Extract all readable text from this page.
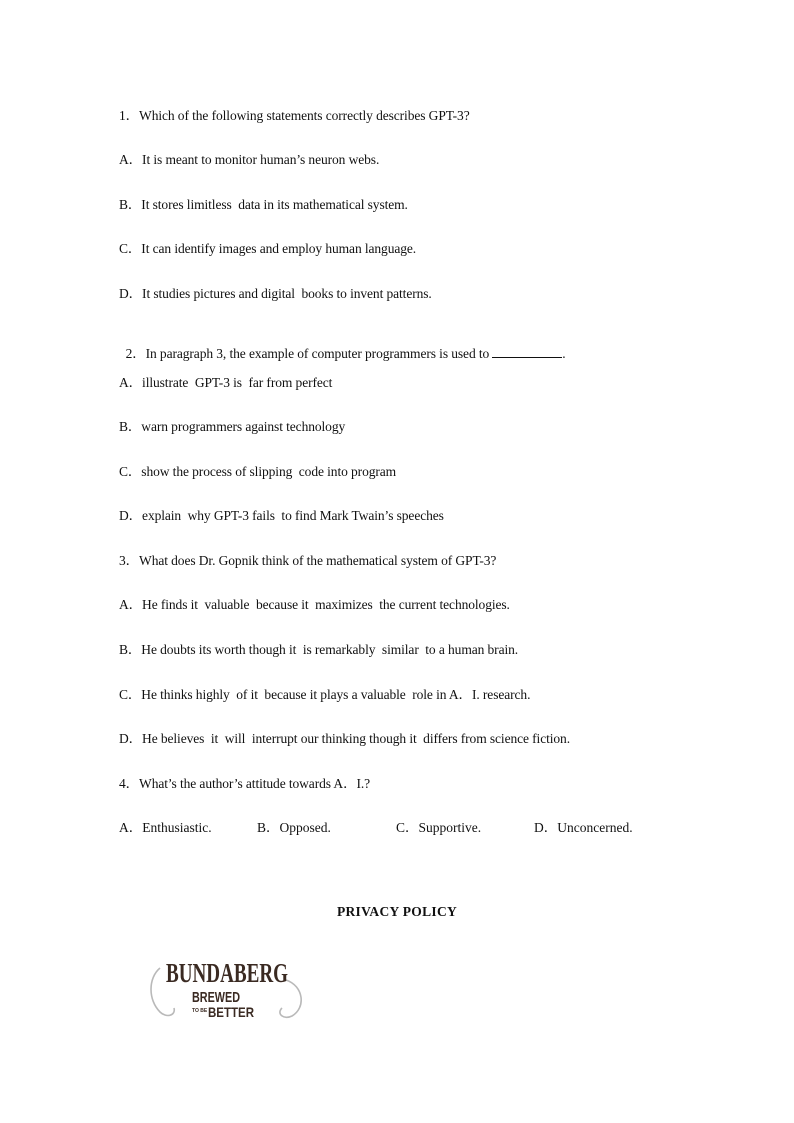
1．Which of the following statements correctly describes GPT-3?
A．It is meant to monitor human’s neuron webs.
B．It stores limitless  data in its mathematical system.
C．It can identify images and employ human language.
D．It studies pictures and digital  books to invent patterns.

2．In paragraph 3, the example of computer programmers is used to	.

A．illustrate  GPT-3 is  far from perfect
B．warn programmers against technology
C．show the process of slipping  code into program
D．explain  why GPT-3 fails  to find Mark Twain’s speeches
3．What does Dr. Gopnik think of the mathematical system of GPT-3?
A．He finds it  valuable  because it  maximizes  the current technologies.
B．He doubts its worth though it  is remarkably  similar  to a human brain.
C．He thinks highly  of it  because it plays a valuable  role in A．I. research.
D．He believes  it  will  interrupt our thinking though it  differs from science fiction.
4．What’s the author’s attitude towards A．I.?
A．Enthusiastic.	B．Opposed.	C．Supportive.	D．Unconcerned.
PRIVACY POLICY
BUNDABERG
BREWED
TO BE BETTER
